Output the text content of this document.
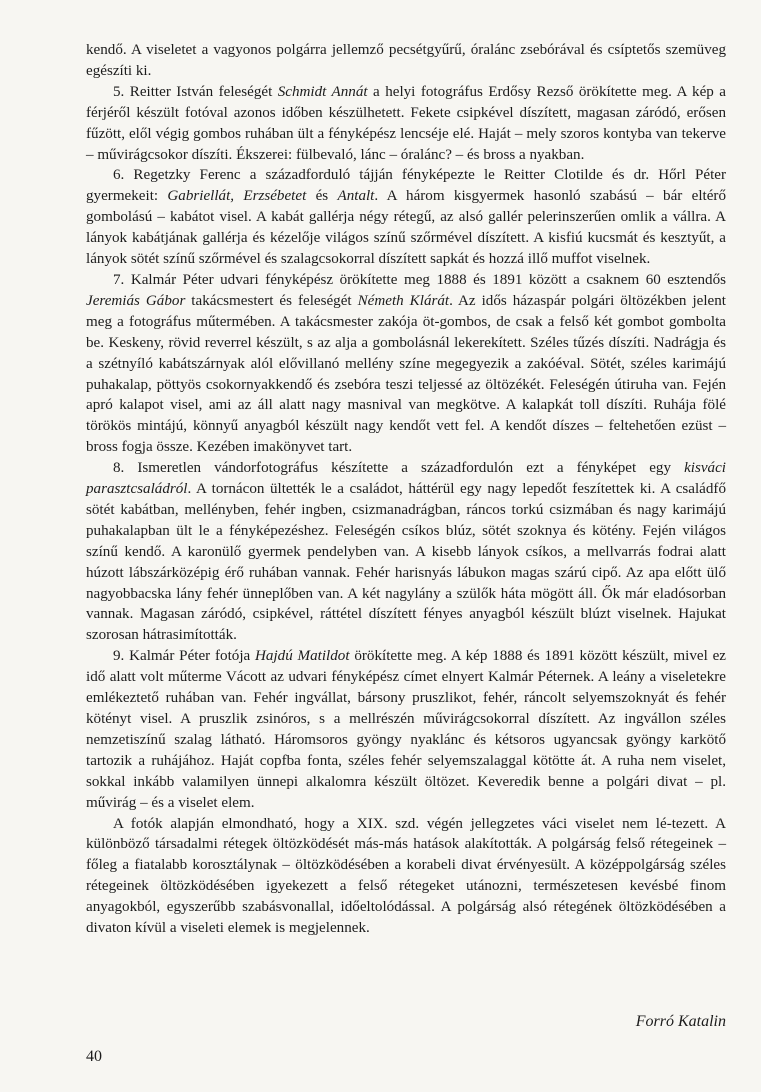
kendő. A viseletet a vagyonos polgárra jellemző pecsétgyűrű, óralánc zsebórával és csíptetős szemüveg egészíti ki.

5. Reitter István feleségét Schmidt Annát a helyi fotográfus Erdősy Rezső örökítette meg. A kép a férjéről készült fotóval azonos időben készülhetett. Fekete csipkével díszített, magasan záródó, erősen fűzött, elől végig gombos ruhában ült a fényképész lencséje elé. Haját – mely szoros kontyba van tekerve – művirágcsokor díszíti. Ékszerei: fülbevaló, lánc – óralánc? – és bross a nyakban.

6. Regetzky Ferenc a századforduló tájján fényképezte le Reitter Clotilde és dr. Hőrl Péter gyermekeit: Gabriellát, Erzsébetet és Antalt. A három kisgyermek hasonló szabású – bár eltérő gombolású – kabátot visel. A kabát gallérja négy rétegű, az alsó gallér pelerinszerűen omlik a vállra. A lányok kabátjának gallérja és kézelője világos színű szőrmével díszített. A kisfiú kucsmát és kesztyűt, a lányok sötét színű szőrmével és szalagcsokorral díszített sapkát és hozzá illő muffot viselnek.

7. Kalmár Péter udvari fényképész örökítette meg 1888 és 1891 között a csaknem 60 esztendős Jeremiás Gábor takácsmestert és feleségét Németh Klárát. Az idős házaspár polgári öltözékben jelent meg a fotográfus műtermében. A takácsmester zakója öt-gombos, de csak a felső két gombot gombolta be. Keskeny, rövid reverrel készült, s az alja a gombolásnál lekerekített. Széles tűzés díszíti. Nadrágja és a szétnyíló kabátszárnyak alól elővillanó mellény színe megegyezik a zakóéval. Sötét, széles karimájú puhakalap, pöttyös csokornyakkendő és zsebóra teszi teljessé az öltözékét. Feleségén útiruha van. Fején apró kalapot visel, ami az áll alatt nagy masnival van megkötve. A kalapkát toll díszíti. Ruhája fölé törökös mintájú, könnyű anyagból készült nagy kendőt vett fel. A kendőt díszes – feltehetően ezüst – bross fogja össze. Kezében imakönyvet tart.

8. Ismeretlen vándorfotográfus készítette a századfordulón ezt a fényképet egy kisváci parasztcsaládról. A tornácon ültették le a családot, háttérül egy nagy lepedőt feszítettek ki. A családfő sötét kabátban, mellényben, fehér ingben, csizmanadrágban, ráncos torkú csizmában és nagy karimájú puhakalapban ült le a fényképezéshez. Feleségén csíkos blúz, sötét szoknya és kötény. Fején világos színű kendő. A karonülő gyermek pendelyben van. A kisebb lányok csíkos, a mellvarrás fodrai alatt húzott lábszárközépig érő ruhában vannak. Fehér harisnyás lábukon magas szárú cipő. Az apa előtt ülő nagyobbacska lány fehér ünneplőben van. A két nagylány a szülők háta mögött áll. Ők már eladósorban vannak. Magasan záródó, csipkével, ráttétel díszített fényes anyagból készült blúzt viselnek. Hajukat szorosan hátrasimították.

9. Kalmár Péter fotója Hajdú Matildot örökítette meg. A kép 1888 és 1891 között készült, mivel ez idő alatt volt műterme Vácott az udvari fényképész címet elnyert Kalmár Péternek. A leány a viseletekre emlékeztető ruhában van. Fehér ingvállat, bársony pruszlikot, fehér, ráncolt selyemszoknyát és fehér kötényt visel. A pruszlik zsinóros, s a mellrészén művirágcsokorral díszített. Az ingvállon széles nemzetiszínű szalag látható. Háromsoros gyöngy nyaklánc és kétsoros ugyancsak gyöngy karkötő tartozik a ruhájához. Haját copfba fonta, széles fehér selyemszalaggal kötötte át. A ruha nem viselet, sokkal inkább valamilyen ünnepi alkalomra készült öltözet. Keveredik benne a polgári divat – pl. művirág – és a viselet elem.

A fotók alapján elmondható, hogy a XIX. szd. végén jellegzetes váci viselet nem lé-tezett. A különböző társadalmi rétegek öltözködését más-más hatások alakították. A polgárság felső rétegeinek – főleg a fiatalabb korosztálynak – öltözködésében a korabeli divat érvényesült. A középpolgárság széles rétegeinek öltözködésében igyekezett a felső rétegeket utánozni, természetesen kevésbé finom anyagokból, egyszerűbb szabásvonallal, időeltolódással. A polgárság alsó rétegének öltözködésében a divaton kívül a viseleti elemek is megjelennek.

Forró Katalin
40
